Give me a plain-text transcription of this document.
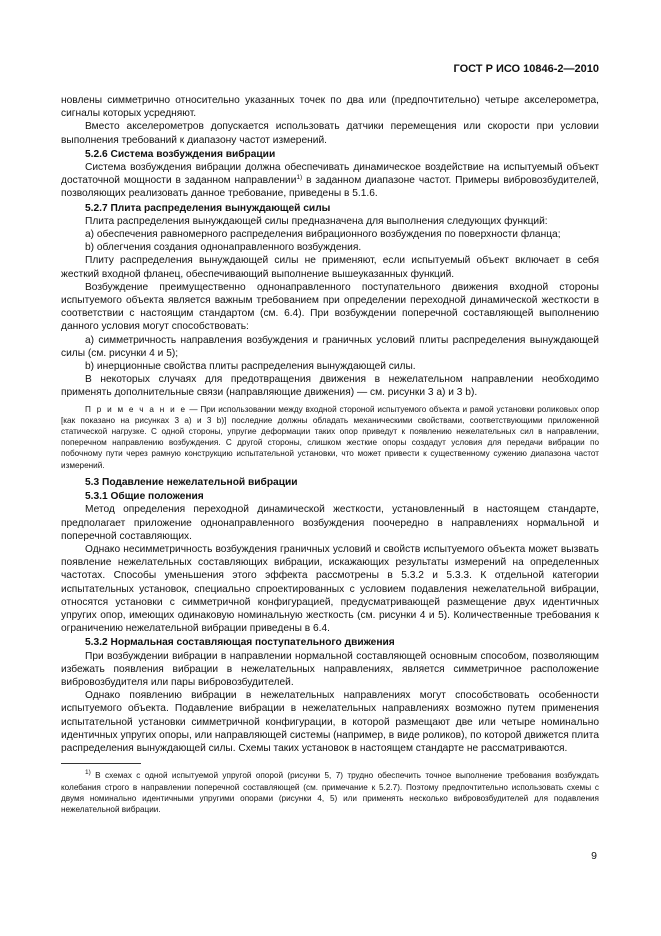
ГОСТ Р ИСО 10846-2—2010

новлены симметрично относительно указанных точек по два или (предпочтительно) четыре акселерометра, сигналы которых усредняют.

Вместо акселерометров допускается использовать датчики перемещения или скорости при условии выполнения требований к диапазону частот измерений.

5.2.6 Система возбуждения вибрации

Система возбуждения вибрации должна обеспечивать динамическое воздействие на испытуемый объект достаточной мощности в заданном направлении$^{1)}$ в заданном диапазоне частот. Примеры вибровозбудителей, позволяющих реализовать данное требование, приведены в 5.1.6.

5.2.7 Плита распределения вынуждающей силы

Плита распределения вынуждающей силы предназначена для выполнения следующих функций:

a) обеспечения равномерного распределения вибрационного возбуждения по поверхности фланца;

b) облегчения создания однонаправленного возбуждения.

Плиту распределения вынуждающей силы не применяют, если испытуемый объект включает в себя жесткий входной фланец, обеспечивающий выполнение вышеуказанных функций.

Возбуждение преимущественно однонаправленного поступательного движения входной стороны испытуемого объекта является важным требованием при определении переходной динамической жесткости в соответствии с настоящим стандартом (см. 6.4). При возбуждении поперечной составляющей выполнению данного условия могут способствовать:

a) симметричность направления возбуждения и граничных условий плиты распределения вынуждающей силы (см. рисунки 4 и 5);

b) инерционные свойства плиты распределения вынуждающей силы.

В некоторых случаях для предотвращения движения в нежелательном направлении необходимо применять дополнительные связи (направляющие движения) — см. рисунки 3 a) и 3 b).

П р и м е ч а н и е — При использовании между входной стороной испытуемого объекта и рамой установки роликовых опор [как показано на рисунках 3 a) и 3 b)] последние должны обладать механическими свойствами, соответствующими приложенной статической нагрузке. С одной стороны, упругие деформации таких опор приведут к появлению нежелательных сил в направлении, поперечном направлению возбуждения. С другой стороны, слишком жесткие опоры создадут условия для передачи вибрации по побочному пути через рамную конструкцию испытательной установки, что может привести к существенному сужению диапазона частот измерений.

5.3 Подавление нежелательной вибрации

5.3.1 Общие положения

Метод определения переходной динамической жесткости, установленный в настоящем стандарте, предполагает приложение однонаправленного возбуждения поочередно в направлениях нормальной и поперечной составляющих.

Однако несимметричность возбуждения граничных условий и свойств испытуемого объекта может вызвать появление нежелательных составляющих вибрации, искажающих результаты измерений на определенных частотах. Способы уменьшения этого эффекта рассмотрены в 5.3.2 и 5.3.3. К отдельной категории испытательных установок, специально спроектированных с условием подавления нежелательной вибрации, относятся установки с симметричной конфигурацией, предусматривающей размещение двух идентичных упругих опор, имеющих одинаковую номинальную жесткость (см. рисунки 4 и 5). Количественные требования к ограничению нежелательной вибрации приведены в 6.4.

5.3.2 Нормальная составляющая поступательного движения

При возбуждении вибрации в направлении нормальной составляющей основным способом, позволяющим избежать появления вибрации в нежелательных направлениях, является симметричное расположение вибровозбудителя или пары вибровозбудителей.

Однако появлению вибрации в нежелательных направлениях могут способствовать особенности испытуемого объекта. Подавление вибрации в нежелательных направлениях возможно путем применения испытательной установки симметричной конфигурации, в которой размещают две или четыре номинально идентичных упругих опоры, или направляющей системы (например, в виде роликов), по которой движется плита распределения вынуждающей силы. Схемы таких установок в настоящем стандарте не рассматриваются.

$^{1)}$ В схемах с одной испытуемой упругой опорой (рисунки 5, 7) трудно обеспечить точное выполнение требования возбуждать колебания строго в направлении поперечной составляющей (см. примечание к 5.2.7). Поэтому предпочтительно использовать схемы с двумя номинально идентичными упругими опорами (рисунки 4, 5) или применять несколько вибровозбудителей для подавления нежелательной вибрации.

9
